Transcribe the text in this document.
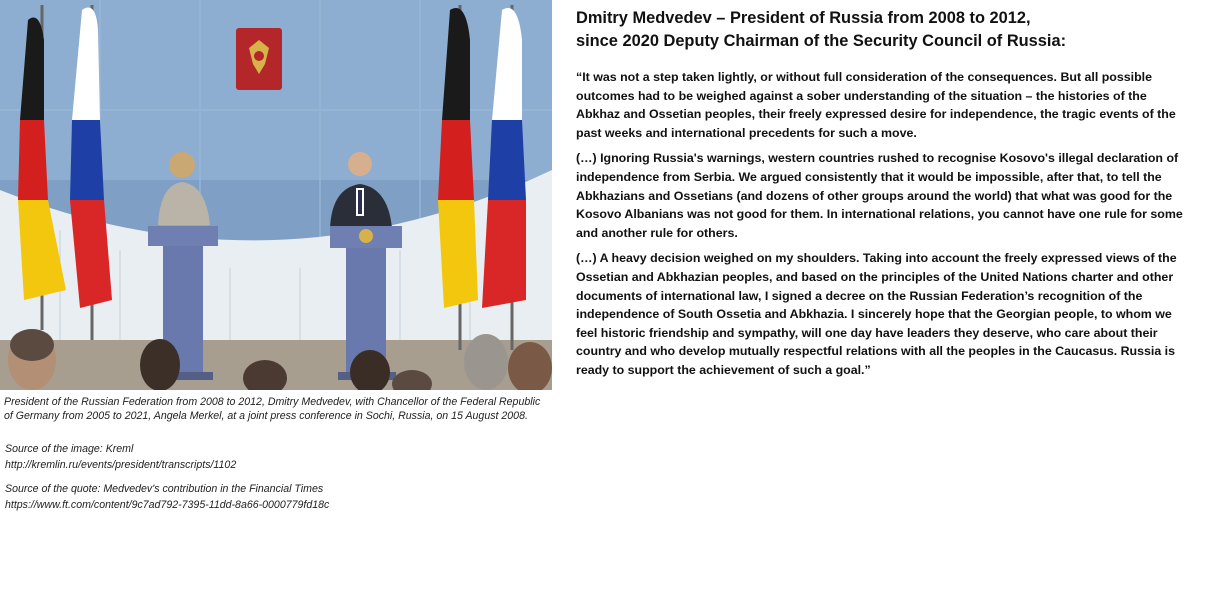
President of the Russian Federation from 2008 to 2012, Dmitry Medvedev, with Chancellor of the Federal Republic
of Germany from 2005 to 2021, Angela Merkel, at a joint press conference in Sochi, Russia, on 15 August 2008.
Source of the image: Kreml
http://kremlin.ru/events/president/transcripts/1102
Source of the quote: Medvedev's contribution in the Financial Times
https://www.ft.com/content/9c7ad792-7395-11dd-8a66-0000779fd18c
Dmitry Medvedev – President of Russia from 2008 to 2012,
since 2020 Deputy Chairman of the Security Council of Russia:

“It was not a step taken lightly, or without full consideration of the consequences. But all possible outcomes had to be weighed against a sober understanding of the situation – the histories of the Abkhaz and Ossetian peoples, their freely expressed desire for independence, the tragic events of the past weeks and international precedents for such a move.

(…) Ignoring Russia's warnings, western countries rushed to recognise Kosovo's illegal declaration of independence from Serbia. We argued consistently that it would be impossible, after that, to tell the Abkhazians and Ossetians (and dozens of other groups around the world) that what was good for the Kosovo Albanians was not good for them. In international relations, you cannot have one rule for some and another rule for others.

(…) A heavy decision weighed on my shoulders. Taking into account the freely expressed views of the Ossetian and Abkhazian peoples, and based on the principles of the United Nations charter and other documents of international law, I signed a decree on the Russian Federation’s recognition of the independence of South Ossetia and Abkhazia. I sincerely hope that the Georgian people, to whom we feel historic friendship and sympathy, will one day have leaders they deserve, who care about their country and who develop mutually respectful relations with all the peoples in the Caucasus. Russia is ready to support the achievement of such a goal.”
